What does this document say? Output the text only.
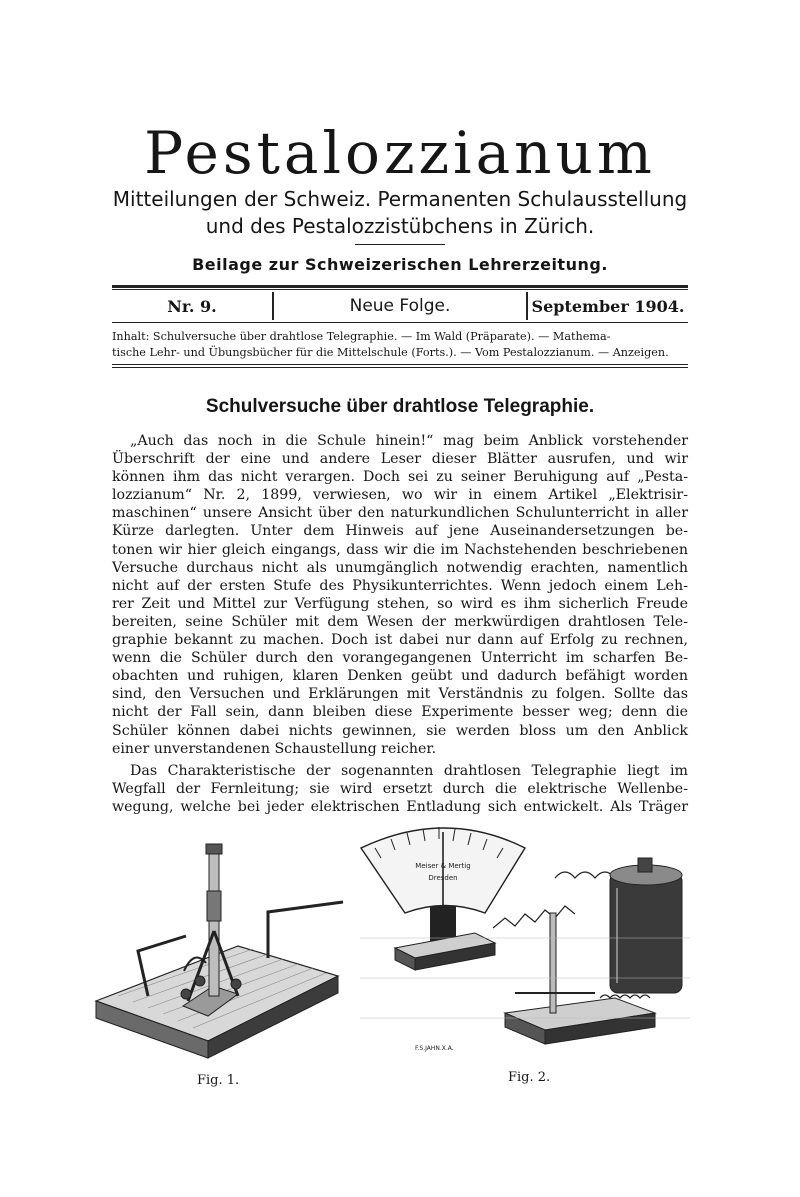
Pestalozzianum
Mitteilungen der Schweiz. Permanenten Schulausstellung
und des Pestalozzistübchens in Zürich.
Beilage zur Schweizerischen Lehrerzeitung.
Nr. 9.	Neue Folge.	September 1904.
Inhalt: Schulversuche über drahtlose Telegraphie. — Im Wald (Präparate). — Mathema-
tische Lehr- und Übungsbücher für die Mittelschule (Forts.). — Vom Pestalozzianum. — Anzeigen.
Schulversuche über drahtlose Telegraphie.

„Auch das noch in die Schule hinein!“ mag beim Anblick vorstehender
Überschrift der eine und andere Leser dieser Blätter ausrufen, und wir
können ihm das nicht verargen. Doch sei zu seiner Beruhigung auf „Pesta-
lozzianum“ Nr. 2, 1899, verwiesen, wo wir in einem Artikel „Elektrisir-
maschinen“ unsere Ansicht über den naturkundlichen Schulunterricht in aller
Kürze darlegten. Unter dem Hinweis auf jene Auseinandersetzungen be-
tonen wir hier gleich eingangs, dass wir die im Nachstehenden beschriebenen
Versuche durchaus nicht als unumgänglich notwendig erachten, namentlich
nicht auf der ersten Stufe des Physikunterrichtes. Wenn jedoch einem Leh-
rer Zeit und Mittel zur Verfügung stehen, so wird es ihm sicherlich Freude
bereiten, seine Schüler mit dem Wesen der merkwürdigen drahtlosen Tele-
graphie bekannt zu machen. Doch ist dabei nur dann auf Erfolg zu rechnen,
wenn die Schüler durch den vorangegangenen Unterricht im scharfen Be-
obachten und ruhigen, klaren Denken geübt und dadurch befähigt worden
sind, den Versuchen und Erklärungen mit Verständnis zu folgen. Sollte das
nicht der Fall sein, dann bleiben diese Experimente besser weg; denn die
Schüler können dabei nichts gewinnen, sie werden bloss um den Anblick
einer unverstandenen Schaustellung reicher.

Das Charakteristische der sogenannten drahtlosen Telegraphie liegt im
Wegfall der Fernleitung; sie wird ersetzt durch die elektrische Wellenbe-
wegung, welche bei jeder elektrischen Entladung sich entwickelt. Als Träger

Meiser & Mertig
Dresden
F.S.JAHN.X.A.
Fig. 1.	Fig. 2.
